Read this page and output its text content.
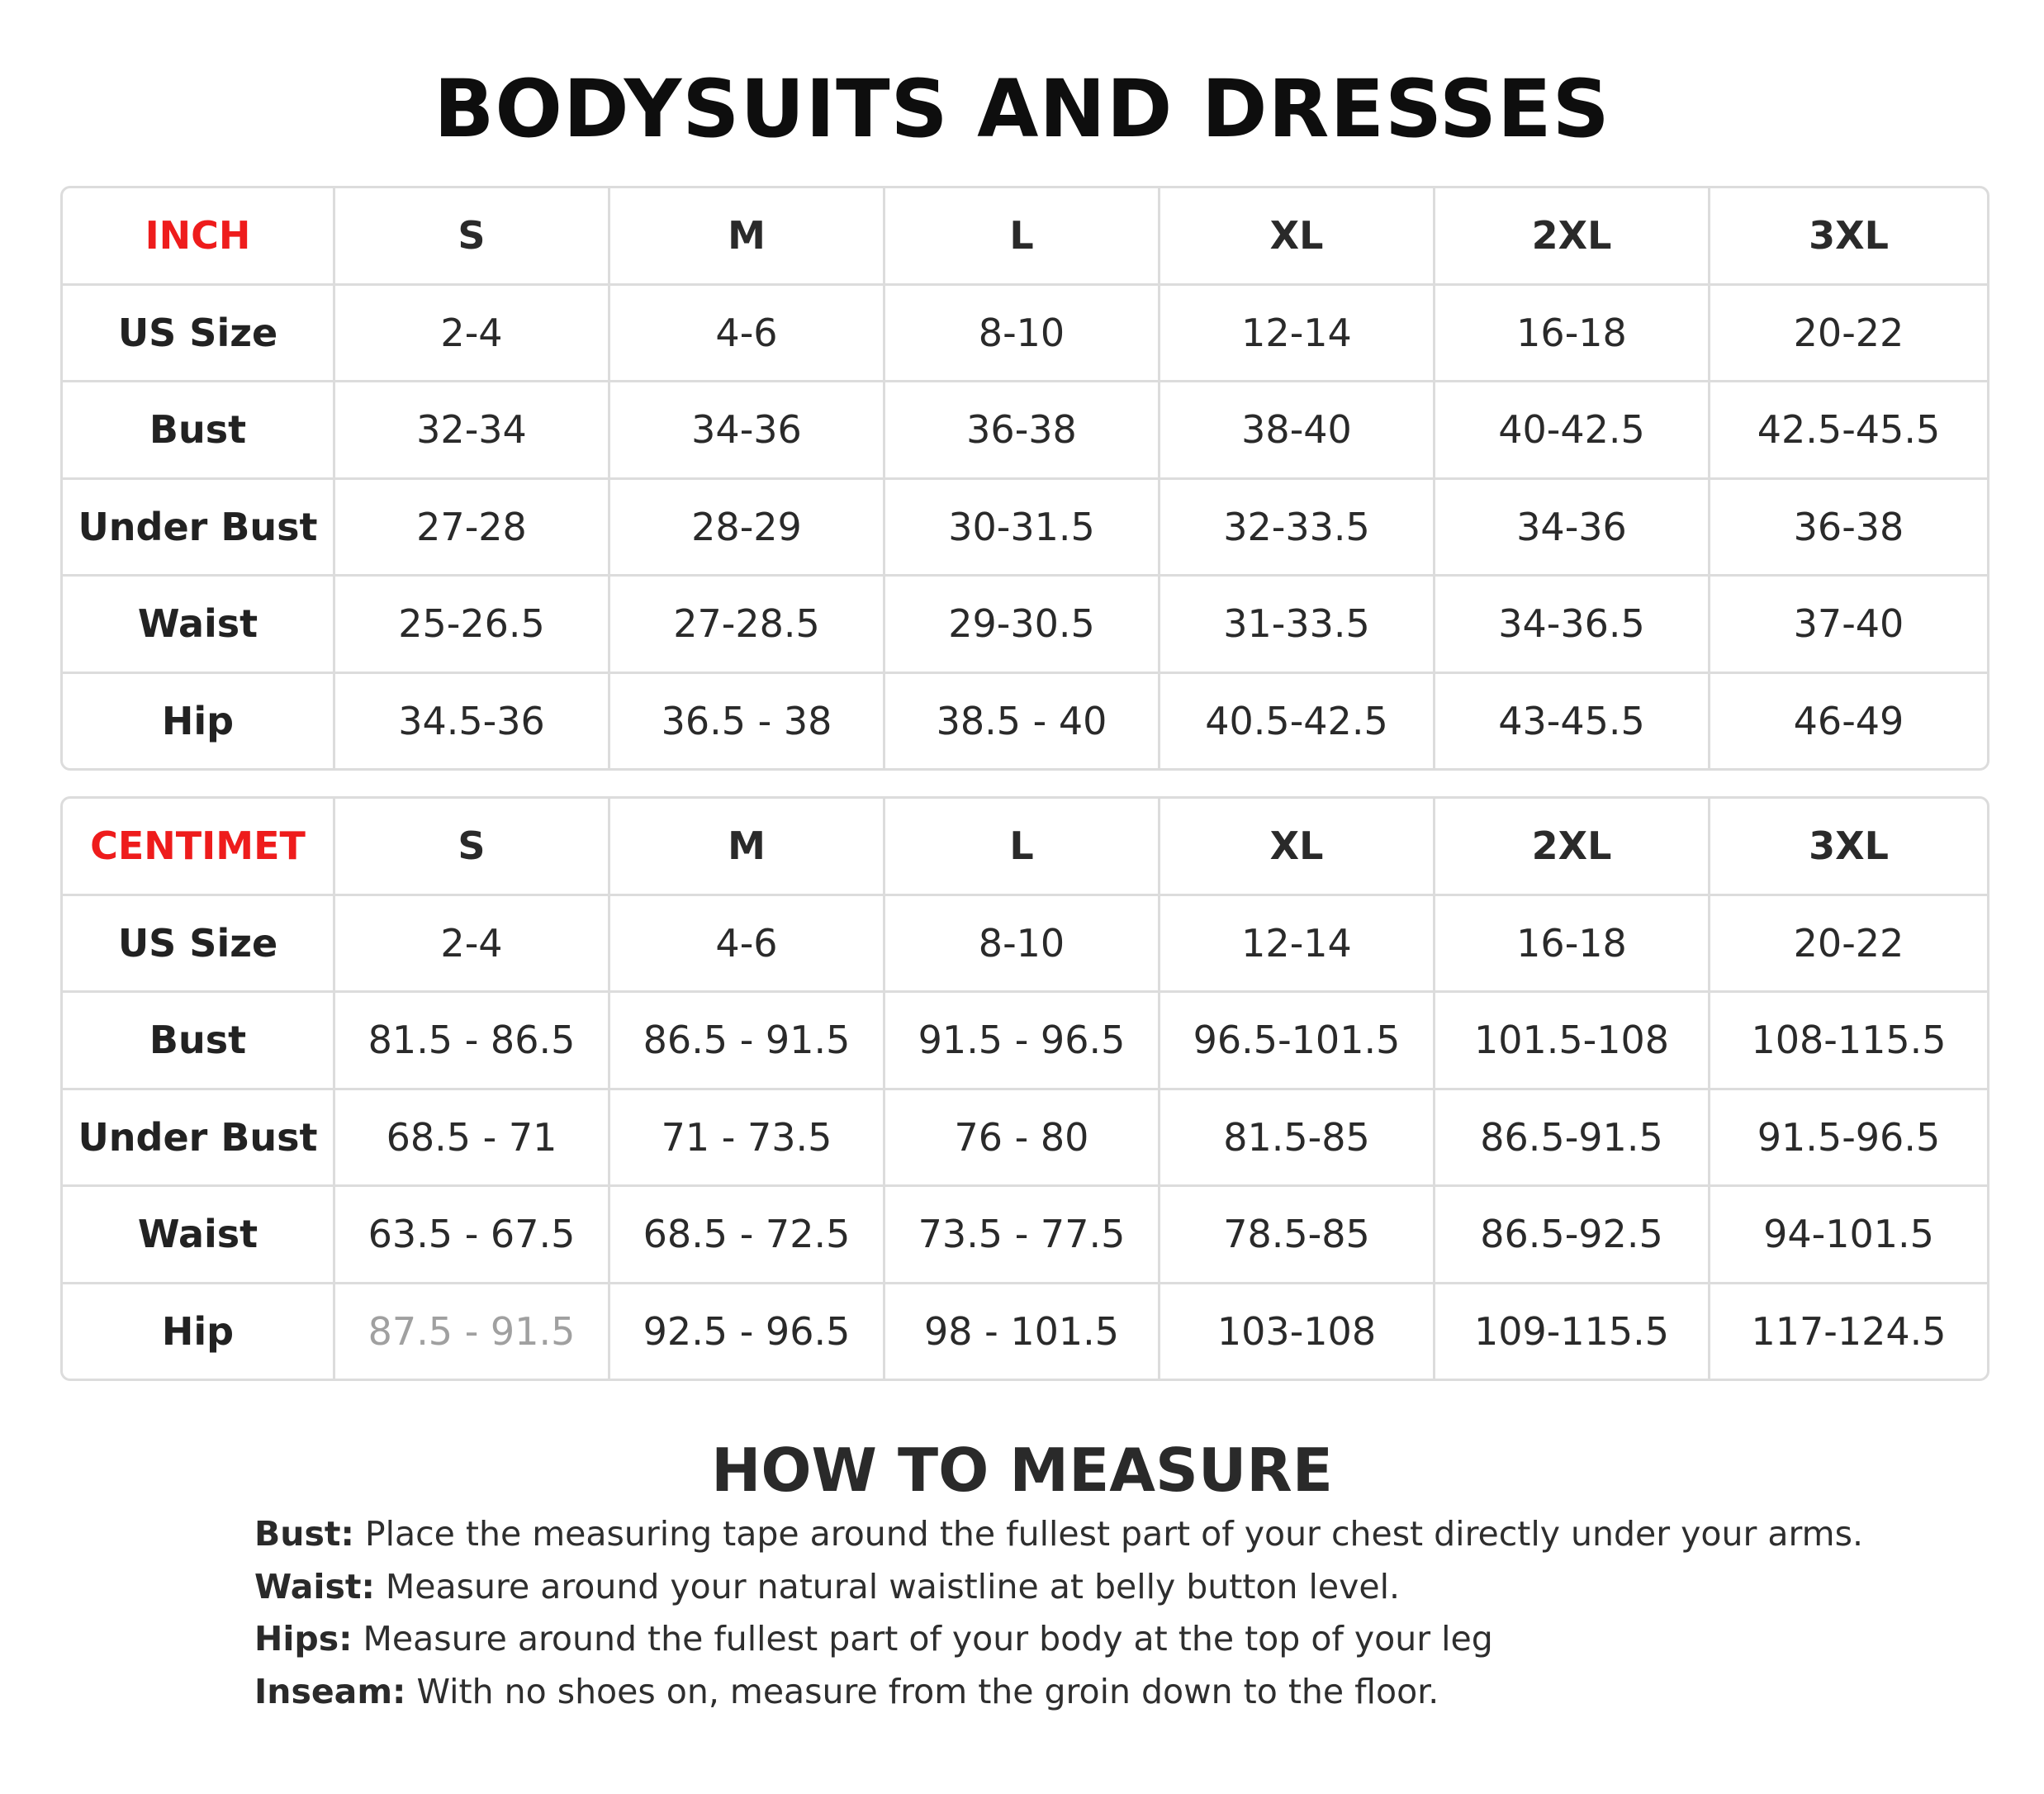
BODYSUITS AND DRESSES
INCH	S	M	L	XL	2XL	3XL
US Size	2-4	4-6	8-10	12-14	16-18	20-22
Bust	32-34	34-36	36-38	38-40	40-42.5	42.5-45.5
Under Bust	27-28	28-29	30-31.5	32-33.5	34-36	36-38
Waist	25-26.5	27-28.5	29-30.5	31-33.5	34-36.5	37-40
Hip	34.5-36	36.5 - 38	38.5 - 40	40.5-42.5	43-45.5	46-49
CENTIMET	S	M	L	XL	2XL	3XL
US Size	2-4	4-6	8-10	12-14	16-18	20-22
Bust	81.5 - 86.5	86.5 - 91.5	91.5 - 96.5	96.5-101.5	101.5-108	108-115.5
Under Bust	68.5 - 71	71 - 73.5	76 - 80	81.5-85	86.5-91.5	91.5-96.5
Waist	63.5 - 67.5	68.5 - 72.5	73.5 - 77.5	78.5-85	86.5-92.5	94-101.5
Hip	87.5 - 91.5	92.5 - 96.5	98 - 101.5	103-108	109-115.5	117-124.5
HOW TO MEASURE
Bust: Place the measuring tape around the fullest part of your chest directly under your arms.
Waist: Measure around your natural waistline at belly button level.
Hips: Measure around the fullest part of your body at the top of your leg
Inseam: With no shoes on, measure from the groin down to the floor.
